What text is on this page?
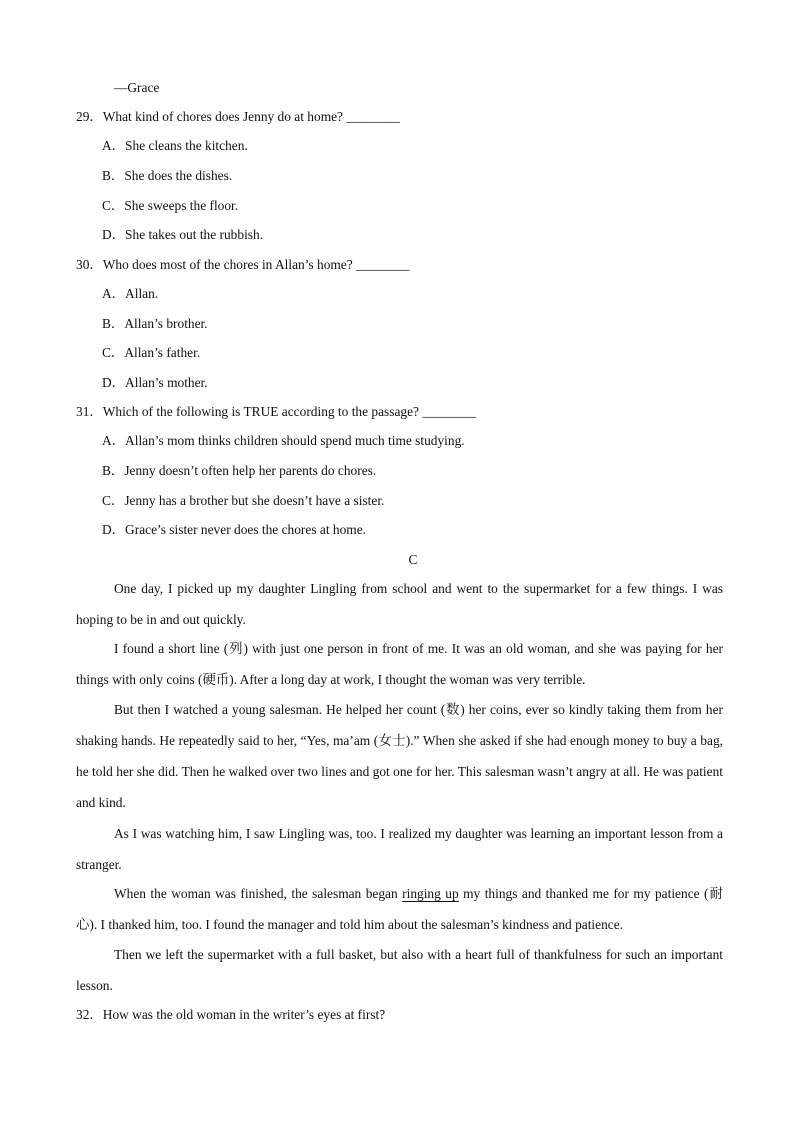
—Grace
29．What kind of chores does Jenny do at home? ________
A．She cleans the kitchen.
B．She does the dishes.
C．She sweeps the floor.
D．She takes out the rubbish.
30．Who does most of the chores in Allan’s home? ________
A．Allan.
B．Allan’s brother.
C．Allan’s father.
D．Allan’s mother.
31．Which of the following is TRUE according to the passage? ________
A．Allan’s mom thinks children should spend much time studying.
B．Jenny doesn’t often help her parents do chores.
C．Jenny has a brother but she doesn’t have a sister.
D．Grace’s sister never does the chores at home.
C

One day, I picked up my daughter Lingling from school and went to the supermarket for a few things. I was hoping to be in and out quickly.

I found a short line (列) with just one person in front of me. It was an old woman, and she was paying for her things with only coins (硬币). After a long day at work, I thought the woman was very terrible.

But then I watched a young salesman. He helped her count (数) her coins, ever so kindly taking them from her shaking hands. He repeatedly said to her, “Yes, ma’am (女士).” When she asked if she had enough money to buy a bag, he told her she did. Then he walked over two lines and got one for her. This salesman wasn’t angry at all. He was patient and kind.

As I was watching him, I saw Lingling was, too. I realized my daughter was learning an important lesson from a stranger.

When the woman was finished, the salesman began ringing up my things and thanked me for my patience (耐心). I thanked him, too. I found the manager and told him about the salesman’s kindness and patience.

Then we left the supermarket with a full basket, but also with a heart full of thankfulness for such an important lesson.

32．How was the old woman in the writer’s eyes at first?
